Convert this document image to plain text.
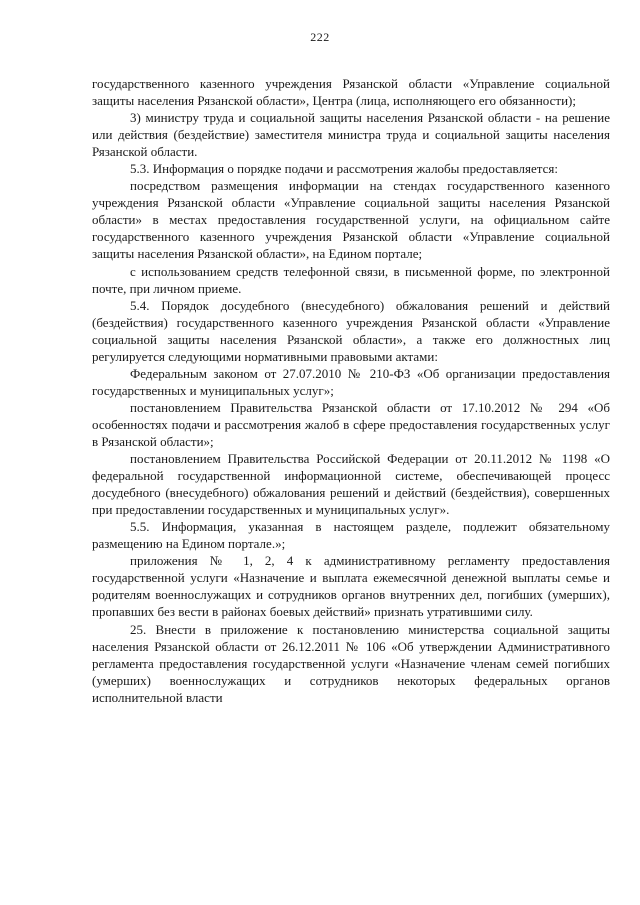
222

государственного казенного учреждения Рязанской области «Управление социальной защиты населения Рязанской области», Центра (лица, исполняющего его обязанности);

3) министру труда и социальной защиты населения Рязанской области - на решение или действия (бездействие) заместителя министра труда и социальной защиты населения Рязанской области.

5.3. Информация о порядке подачи и рассмотрения жалобы предоставляется:

посредством размещения информации на стендах государственного казенного учреждения Рязанской области «Управление социальной защиты населения Рязанской области» в местах предоставления государственной услуги, на официальном сайте государственного казенного учреждения Рязанской области «Управление социальной защиты населения Рязанской области», на Едином портале;

с использованием средств телефонной связи, в письменной форме, по электронной почте, при личном приеме.

5.4. Порядок досудебного (внесудебного) обжалования решений и действий (бездействия) государственного казенного учреждения Рязанской области «Управление социальной защиты населения Рязанской области», а также его должностных лиц регулируется следующими нормативными правовыми актами:

Федеральным законом от 27.07.2010 № 210-ФЗ «Об организации предоставления государственных и муниципальных услуг»;

постановлением Правительства Рязанской области от 17.10.2012 № 294 «Об особенностях подачи и рассмотрения жалоб в сфере предоставления государственных услуг в Рязанской области»;

постановлением Правительства Российской Федерации от 20.11.2012 № 1198 «О федеральной государственной информационной системе, обеспечивающей процесс досудебного (внесудебного) обжалования решений и действий (бездействия), совершенных при предоставлении государственных и муниципальных услуг».

5.5. Информация, указанная в настоящем разделе, подлежит обязательному размещению на Едином портале.»;

приложения № 1, 2, 4 к административному регламенту предоставления государственной услуги «Назначение и выплата ежемесячной денежной выплаты семье и родителям военнослужащих и сотрудников органов внутренних дел, погибших (умерших), пропавших без вести в районах боевых действий» признать утратившими силу.

25. Внести в приложение к постановлению министерства социальной защиты населения Рязанской области от 26.12.2011 № 106 «Об утверждении Административного регламента предоставления государственной услуги «Назначение членам семей погибших (умерших) военнослужащих и сотрудников некоторых федеральных органов исполнительной власти
